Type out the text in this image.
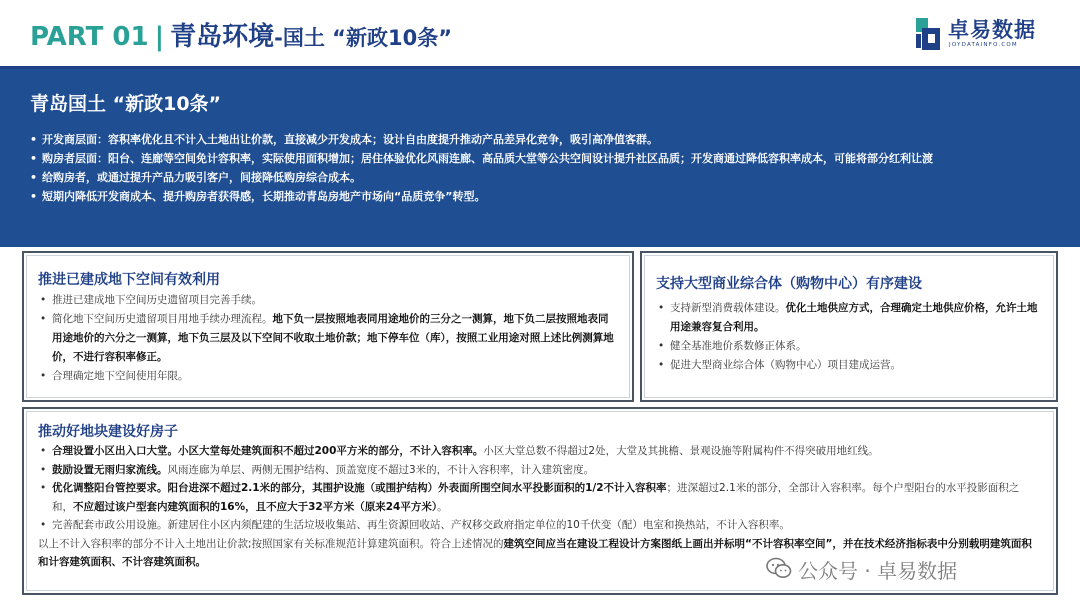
PART 01 | 青岛环境-国土 “新政10条”	卓易数据
JOYDATAINFO.COM
青岛国土 “新政10条”
• 开发商层面：容积率优化且不计入土地出让价款，直接减少开发成本；设计自由度提升推动产品差异化竞争，吸引高净值客群。
• 购房者层面：阳台、连廊等空间免计容积率，实际使用面积增加；居住体验优化风雨连廊、高品质大堂等公共空间设计提升社区品质；开发商通过降低容积率成本，可能将部分红利让渡
• 给购房者，或通过提升产品力吸引客户，间接降低购房综合成本。
• 短期内降低开发商成本、提升购房者获得感，长期推动青岛房地产市场向“品质竞争”转型。
推进已建成地下空间有效利用
• 推进已建成地下空间历史遗留项目完善手续。
• 简化地下空间历史遗留项目用地手续办理流程。地下负一层按照地表同用途地价的三分之一测算，地下负二层按照地表同用途地价的六分之一测算，地下负三层及以下空间不收取土地价款；地下停车位（库），按照工业用途对照上述比例测算地价，不进行容积率修正。
• 合理确定地下空间使用年限。
支持大型商业综合体（购物中心）有序建设
• 支持新型消费载体建设。优化土地供应方式，合理确定土地供应价格，允许土地用途兼容复合利用。
• 健全基准地价系数修正体系。
• 促进大型商业综合体（购物中心）项目建成运营。
推动好地块建设好房子
• 合理设置小区出入口大堂。小区大堂每处建筑面积不超过200平方米的部分，不计入容积率。小区大堂总数不得超过2处，大堂及其挑檐、景观设施等附属构件不得突破用地红线。
• 鼓励设置无雨归家流线。风雨连廊为单层、两侧无围护结构、顶盖宽度不超过3米的，不计入容积率，计入建筑密度。
• 优化调整阳台管控要求。阳台进深不超过2.1米的部分，其围护设施（或围护结构）外表面所围空间水平投影面积的1/2不计入容积率；进深超过2.1米的部分，全部计入容积率。每个户型阳台的水平投影面积之和，不应超过该户型套内建筑面积的16%，且不应大于32平方米（原来24平方米）。
• 完善配套市政公用设施。新建居住小区内须配建的生活垃圾收集站、再生资源回收站、产权移交政府指定单位的10千伏变（配）电室和换热站，不计入容积率。
以上不计入容积率的部分不计入土地出让价款;按照国家有关标准规范计算建筑面积。符合上述情况的建筑空间应当在建设工程设计方案图纸上画出并标明“不计容积率空间”，并在技术经济指标表中分别载明建筑面积和计容建筑面积、不计容建筑面积。	公众号 · 卓易数据
